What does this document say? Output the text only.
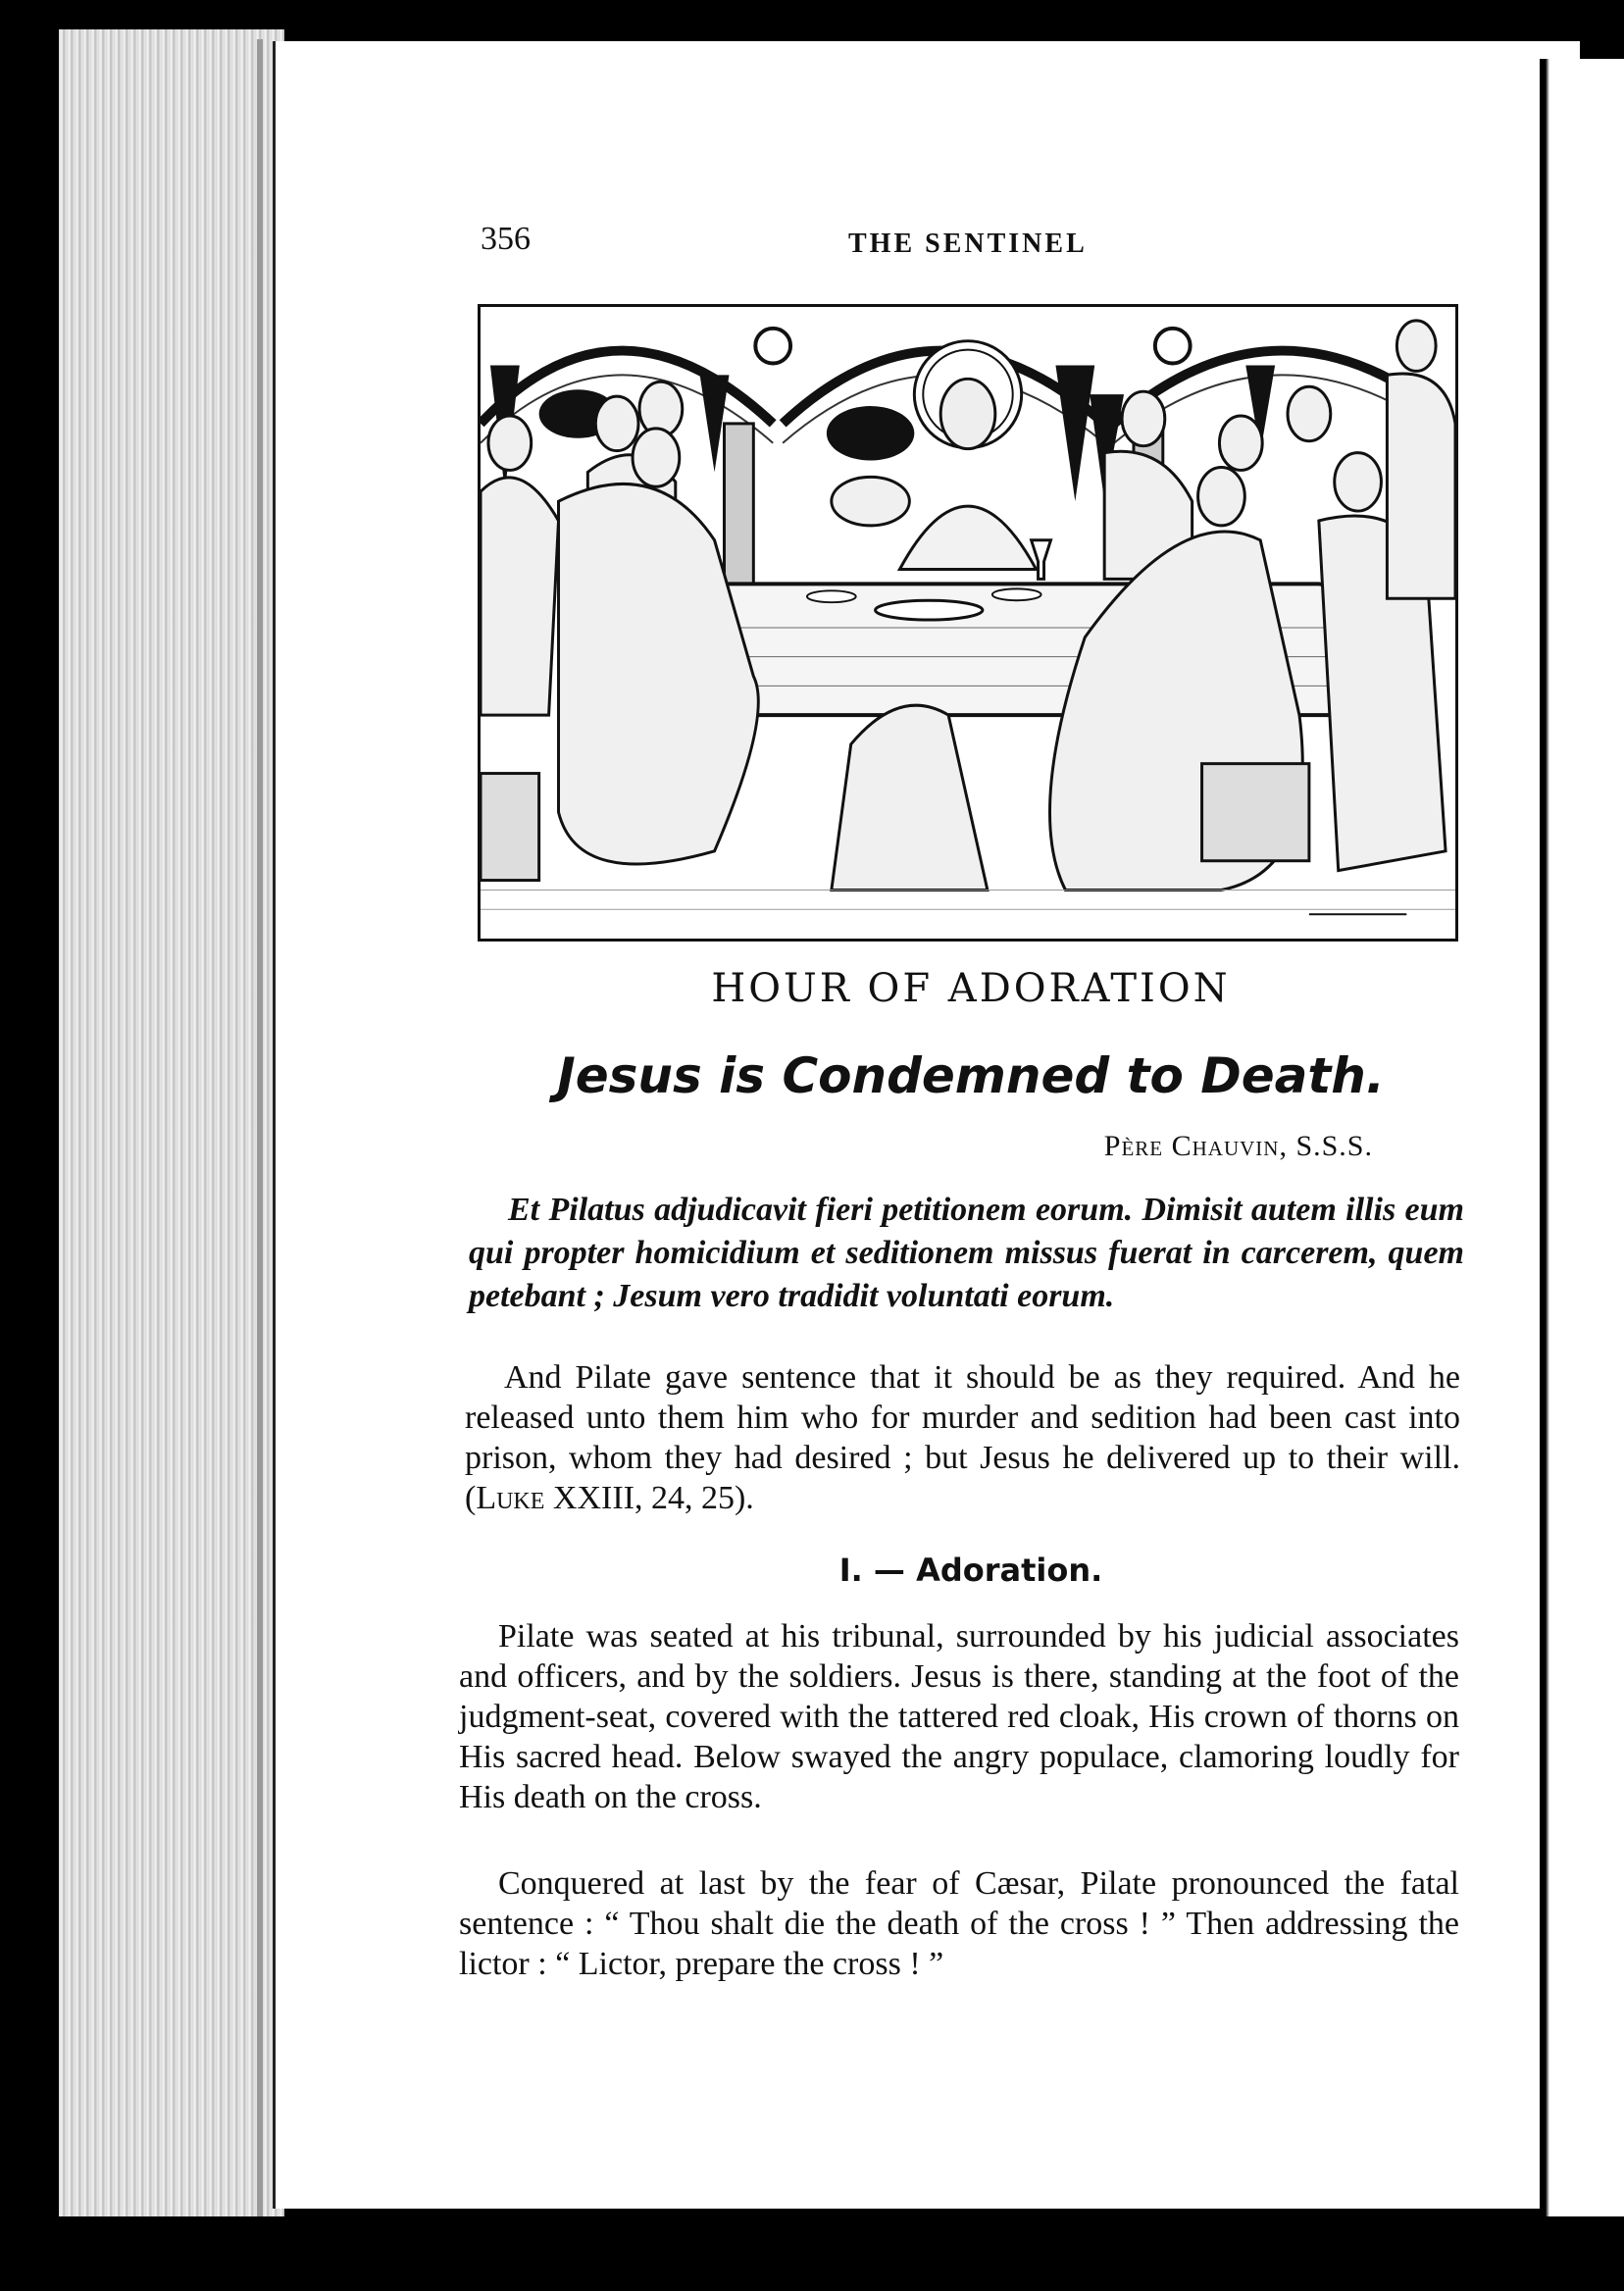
356	THE SENTINEL
HOUR OF ADORATION
Jesus is Condemned to Death.
Père Chauvin, S.S.S.
Et Pilatus adjudicavit fieri petitionem eorum. Dimisit autem illis eum qui propter homicidium et seditionem missus fuerat in carcerem, quem petebant ; Jesum vero tradidit voluntati eorum.
And Pilate gave sentence that it should be as they required. And he released unto them him who for murder and sedition had been cast into prison, whom they had desired ; but Jesus he delivered up to their will. (Luke XXIII, 24, 25).
I. — Adoration.
Pilate was seated at his tribunal, surrounded by his judicial associates and officers, and by the soldiers. Jesus is there, standing at the foot of the judgment-seat, covered with the tattered red cloak, His crown of thorns on His sacred head. Below swayed the angry populace, clamoring loudly for His death on the cross.
Conquered at last by the fear of Cæsar, Pilate pronounced the fatal sentence : “ Thou shalt die the death of the cross ! ” Then addressing the lictor : “ Lictor, prepare the cross ! ”
